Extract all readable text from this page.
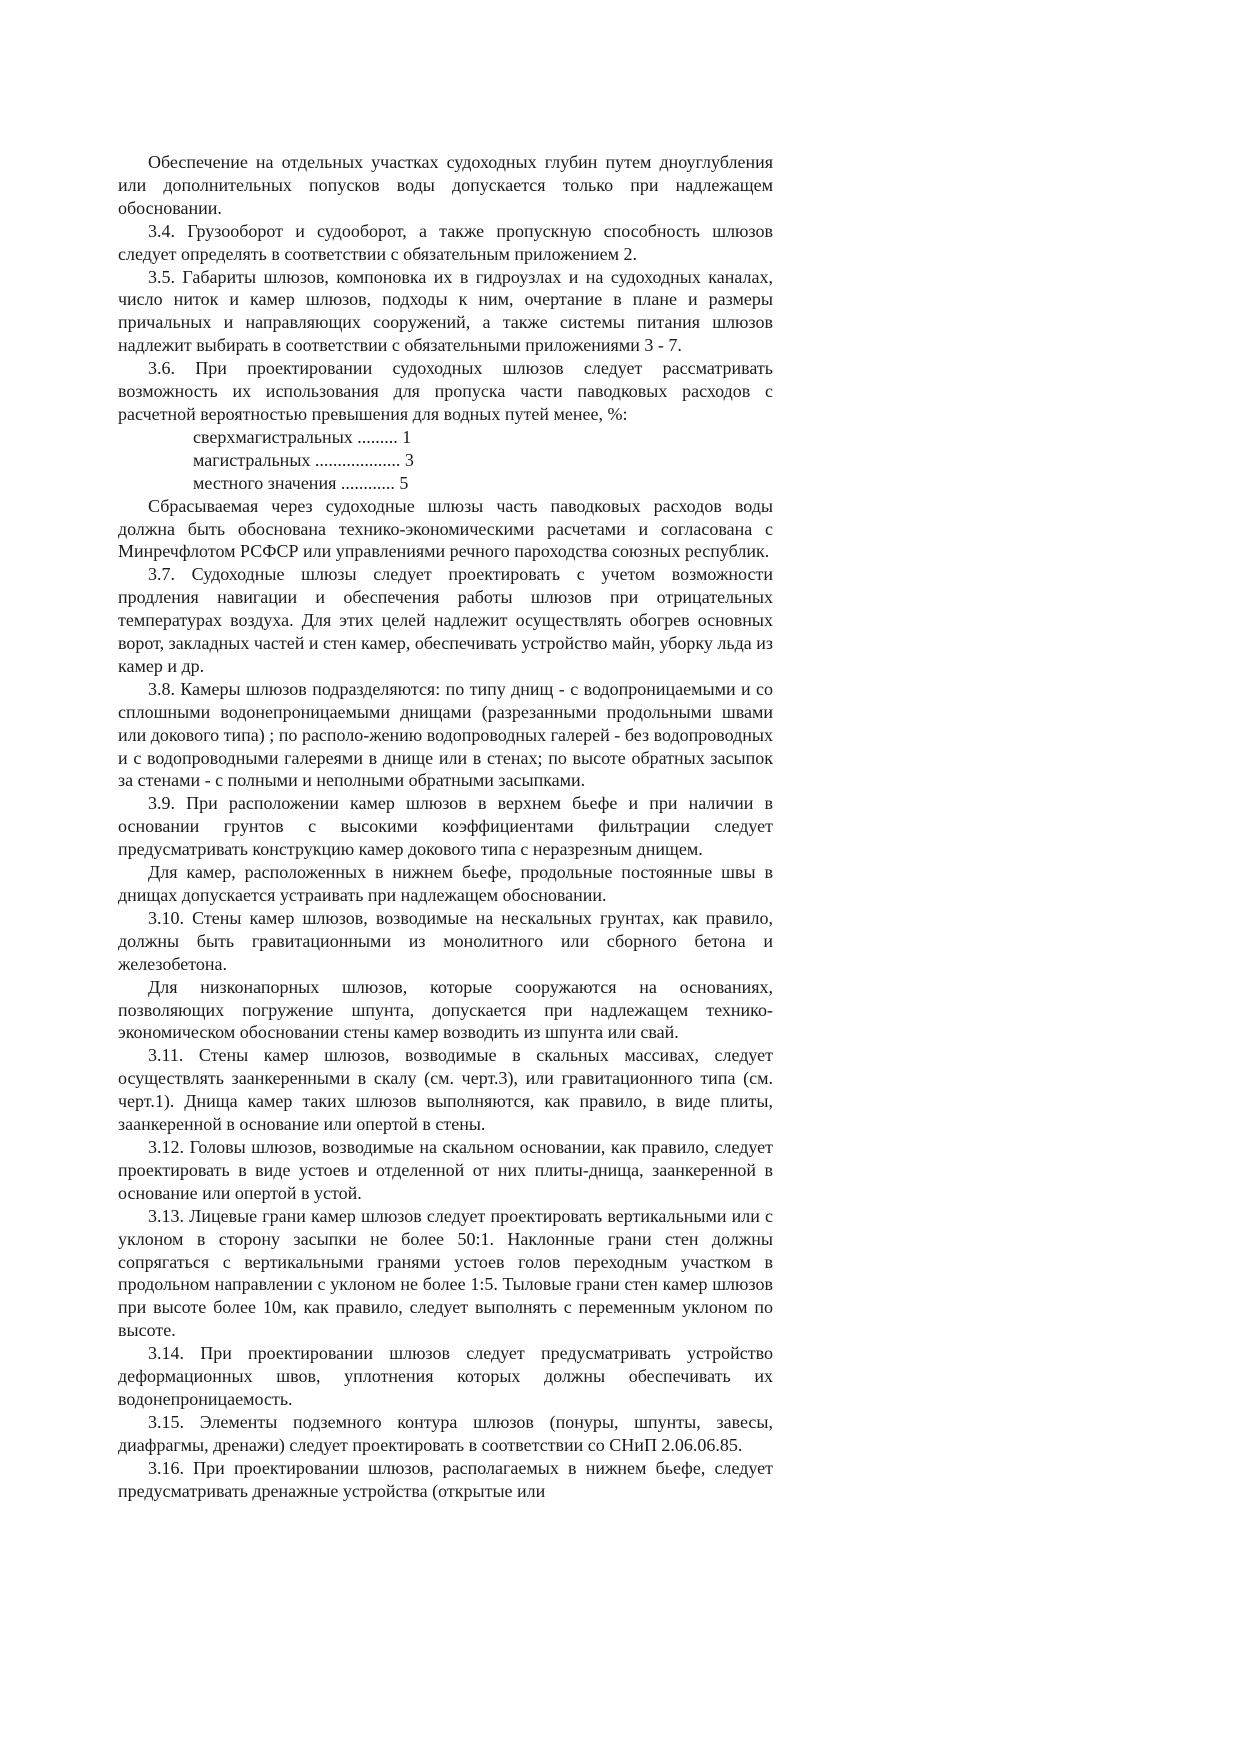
Обеспечение на отдельных участках судоходных глубин путем дноуглубления или дополнительных попусков воды допускается только при надлежащем обосновании.

3.4. Грузооборот и судооборот, а также пропускную способность шлюзов следует определять в соответствии с обязательным приложением 2.

3.5. Габариты шлюзов, компоновка их в гидроузлах и на судоходных каналах, число ниток и камер шлюзов, подходы к ним, очертание в плане и размеры причальных и направляющих сооружений, а также системы питания шлюзов надлежит выбирать в соответствии с обязательными приложениями 3 - 7.

3.6. При проектировании судоходных шлюзов следует рассматривать возможность их использования для пропуска части паводковых расходов с расчетной вероятностью превышения для водных путей менее, %:

сверхмагистральных ......... 1

магистральных ................... 3

местного значения ............ 5

Сбрасываемая через судоходные шлюзы часть паводковых расходов воды должна быть обоснована технико-экономическими расчетами и согласована с Минречфлотом РСФСР или управлениями речного пароходства союзных республик.

3.7. Судоходные шлюзы следует проектировать с учетом возможности продления навигации и обеспечения работы шлюзов при отрицательных температурах воздуха. Для этих целей надлежит осуществлять обогрев основных ворот, закладных частей и стен камер, обеспечивать устройство майн, уборку льда из камер и др.

3.8. Камеры шлюзов подразделяются: по типу днищ - с водопроницаемыми и со сплошными водонепроницаемыми днищами (разрезанными продольными швами или докового типа) ; по располо-жению водопроводных галерей - без водопроводных и с водопроводными галереями в днище или в стенах; по высоте обратных засыпок за стенами - с полными и неполными обратными засыпками.

3.9. При расположении камер шлюзов в верхнем бьефе и при наличии в основании грунтов с высокими коэффициентами фильтрации следует предусматривать конструкцию камер докового типа с неразрезным днищем.

Для камер, расположенных в нижнем бьефе, продольные постоянные швы в днищах допускается устраивать при надлежащем обосновании.

3.10. Стены камер шлюзов, возводимые на нескальных грунтах, как правило, должны быть гравитационными из монолитного или сборного бетона и железобетона.

Для низконапорных шлюзов, которые сооружаются на основаниях, позволяющих погружение шпунта, допускается при надлежащем технико-экономическом обосновании стены камер возводить из шпунта или свай.

3.11. Стены камер шлюзов, возводимые в скальных массивах, следует осуществлять заанкеренными в скалу (см. черт.3), или гравитационного типа (см. черт.1). Днища камер таких шлюзов выполняются, как правило, в виде плиты, заанкеренной в основание или опертой в стены.

3.12. Головы шлюзов, возводимые на скальном основании, как правило, следует проектировать в виде устоев и отделенной от них плиты-днища, заанкеренной в основание или опертой в устой.

3.13. Лицевые грани камер шлюзов следует проектировать вертикальными или с уклоном в сторону засыпки не более 50:1. Наклонные грани стен должны сопрягаться с вертикальными гранями устоев голов переходным участком в продольном направлении с уклоном не более 1:5. Тыловые грани стен камер шлюзов при высоте более 10м, как правило, следует выполнять с переменным уклоном по высоте.

3.14. При проектировании шлюзов следует предусматривать устройство деформационных швов, уплотнения которых должны обеспечивать их водонепроницаемость.

3.15. Элементы подземного контура шлюзов (понуры, шпунты, завесы, диафрагмы, дренажи) следует проектировать в соответствии со СНиП 2.06.06.85.

3.16. При проектировании шлюзов, располагаемых в нижнем бьефе, следует предусматривать дренажные устройства (открытые или
